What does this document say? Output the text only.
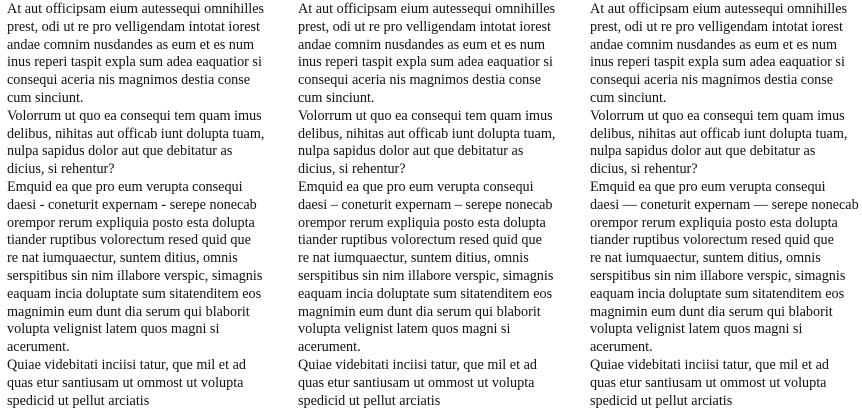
At aut officipsam eium autessequi omnihilles
prest, odi ut re pro velligendam intotat iorest
andae comnim nusdandes as eum et es num
inus reperi taspit expla sum adea eaquatior si
consequi aceria nis magnimos destia conse
cum sinciunt.

Volorrum ut quo ea consequi tem quam imus
delibus, nihitas aut officab iunt dolupta tuam,
nulpa sapidus dolor aut que debitatur as
dicius, si rehentur?

Emquid ea que pro eum verupta consequi
daesi - coneturit expernam - serepe nonecab
orempor rerum expliquia posto esta dolupta
tiander ruptibus volorectum resed quid que
re nat iumquaectur, suntem ditius, omnis
serspitibus sin nim illabore verspic, simagnis
eaquam incia doluptate sum sitatenditem eos
magnimin eum dunt dia serum qui blaborit
volupta velignist latem quos magni si
acerument.

Quiae videbitati inciisi tatur, que mil et ad
quas etur santiusam ut ommost ut volupta
spedicid ut pellut arciatis

At aut officipsam eium autessequi omnihilles
prest, odi ut re pro velligendam intotat iorest
andae comnim nusdandes as eum et es num
inus reperi taspit expla sum adea eaquatior si
consequi aceria nis magnimos destia conse
cum sinciunt.

Volorrum ut quo ea consequi tem quam imus
delibus, nihitas aut officab iunt dolupta tuam,
nulpa sapidus dolor aut que debitatur as
dicius, si rehentur?

Emquid ea que pro eum verupta consequi
daesi – coneturit expernam – serepe nonecab
orempor rerum expliquia posto esta dolupta
tiander ruptibus volorectum resed quid que
re nat iumquaectur, suntem ditius, omnis
serspitibus sin nim illabore verspic, simagnis
eaquam incia doluptate sum sitatenditem eos
magnimin eum dunt dia serum qui blaborit
volupta velignist latem quos magni si
acerument.

Quiae videbitati inciisi tatur, que mil et ad
quas etur santiusam ut ommost ut volupta
spedicid ut pellut arciatis

At aut officipsam eium autessequi omnihilles
prest, odi ut re pro velligendam intotat iorest
andae comnim nusdandes as eum et es num
inus reperi taspit expla sum adea eaquatior si
consequi aceria nis magnimos destia conse
cum sinciunt.

Volorrum ut quo ea consequi tem quam imus
delibus, nihitas aut officab iunt dolupta tuam,
nulpa sapidus dolor aut que debitatur as
dicius, si rehentur?

Emquid ea que pro eum verupta consequi
daesi — coneturit expernam — serepe nonecab
orempor rerum expliquia posto esta dolupta
tiander ruptibus volorectum resed quid que
re nat iumquaectur, suntem ditius, omnis
serspitibus sin nim illabore verspic, simagnis
eaquam incia doluptate sum sitatenditem eos
magnimin eum dunt dia serum qui blaborit
volupta velignist latem quos magni si
acerument.

Quiae videbitati inciisi tatur, que mil et ad
quas etur santiusam ut ommost ut volupta
spedicid ut pellut arciatis
